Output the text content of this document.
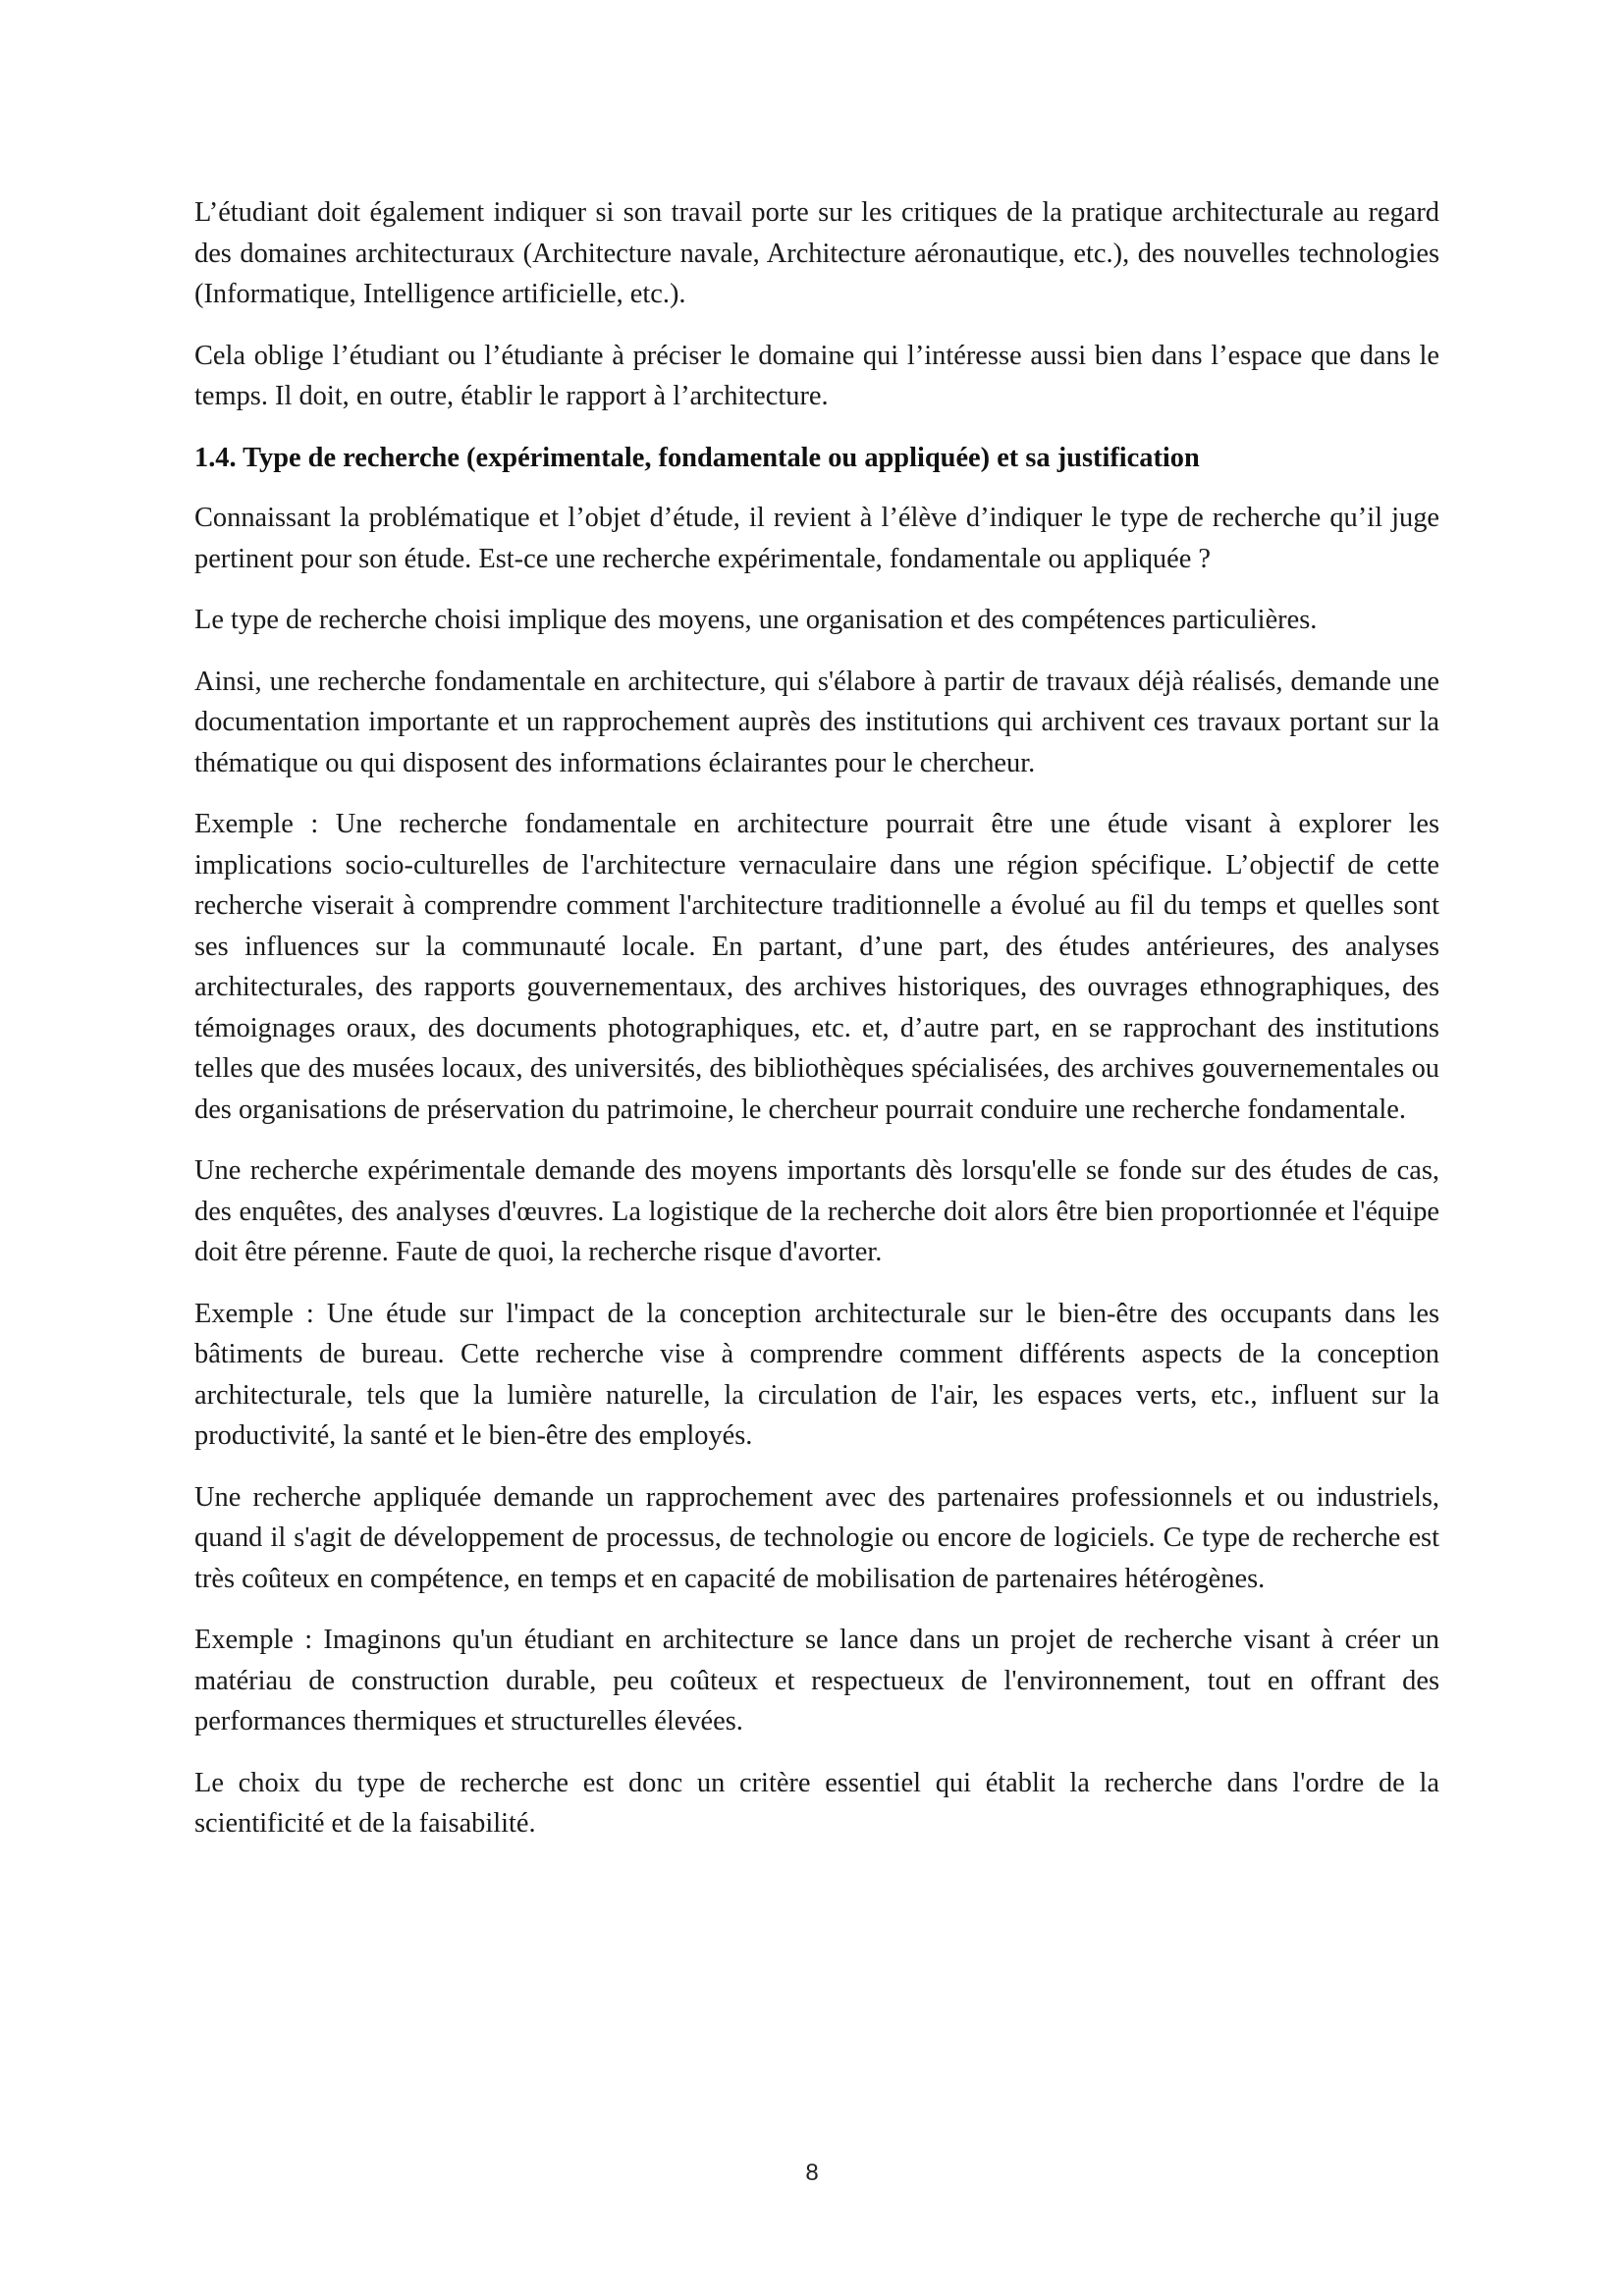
L’étudiant doit également indiquer si son travail porte sur les critiques de la pratique architecturale au regard des domaines architecturaux (Architecture navale, Architecture aéronautique, etc.), des nouvelles technologies (Informatique, Intelligence artificielle, etc.).

Cela oblige l’étudiant ou l’étudiante à préciser le domaine qui l’intéresse aussi bien dans l’espace que dans le temps. Il doit, en outre, établir le rapport à l’architecture.

1.4. Type de recherche (expérimentale, fondamentale ou appliquée) et sa justification

Connaissant la problématique et l’objet d’étude, il revient à l’élève d’indiquer le type de recherche qu’il juge pertinent pour son étude. Est-ce une recherche expérimentale, fondamentale ou appliquée ?

Le type de recherche choisi implique des moyens, une organisation et des compétences particulières.

Ainsi, une recherche fondamentale en architecture, qui s'élabore à partir de travaux déjà réalisés, demande une documentation importante et un rapprochement auprès des institutions qui archivent ces travaux portant sur la thématique ou qui disposent des informations éclairantes pour le chercheur.

Exemple : Une recherche fondamentale en architecture pourrait être une étude visant à explorer les implications socio-culturelles de l'architecture vernaculaire dans une région spécifique. L’objectif de cette recherche viserait à comprendre comment l'architecture traditionnelle a évolué au fil du temps et quelles sont ses influences sur la communauté locale. En partant, d’une part, des études antérieures, des analyses architecturales, des rapports gouvernementaux, des archives historiques, des ouvrages ethnographiques, des témoignages oraux, des documents photographiques, etc. et, d’autre part, en se rapprochant des institutions telles que des musées locaux, des universités, des bibliothèques spécialisées, des archives gouvernementales ou des organisations de préservation du patrimoine, le chercheur pourrait conduire une recherche fondamentale.

Une recherche expérimentale demande des moyens importants dès lorsqu'elle se fonde sur des études de cas, des enquêtes, des analyses d'œuvres. La logistique de la recherche doit alors être bien proportionnée et l'équipe doit être pérenne. Faute de quoi, la recherche risque d'avorter.

Exemple : Une étude sur l'impact de la conception architecturale sur le bien-être des occupants dans les bâtiments de bureau. Cette recherche vise à comprendre comment différents aspects de la conception architecturale, tels que la lumière naturelle, la circulation de l'air, les espaces verts, etc., influent sur la productivité, la santé et le bien-être des employés.

Une recherche appliquée demande un rapprochement avec des partenaires professionnels et ou industriels, quand il s'agit de développement de processus, de technologie ou encore de logiciels. Ce type de recherche est très coûteux en compétence, en temps et en capacité de mobilisation de partenaires hétérogènes.

Exemple : Imaginons qu'un étudiant en architecture se lance dans un projet de recherche visant à créer un matériau de construction durable, peu coûteux et respectueux de l'environnement, tout en offrant des performances thermiques et structurelles élevées.

Le choix du type de recherche est donc un critère essentiel qui établit la recherche dans l'ordre de la scientificité et de la faisabilité.

8
